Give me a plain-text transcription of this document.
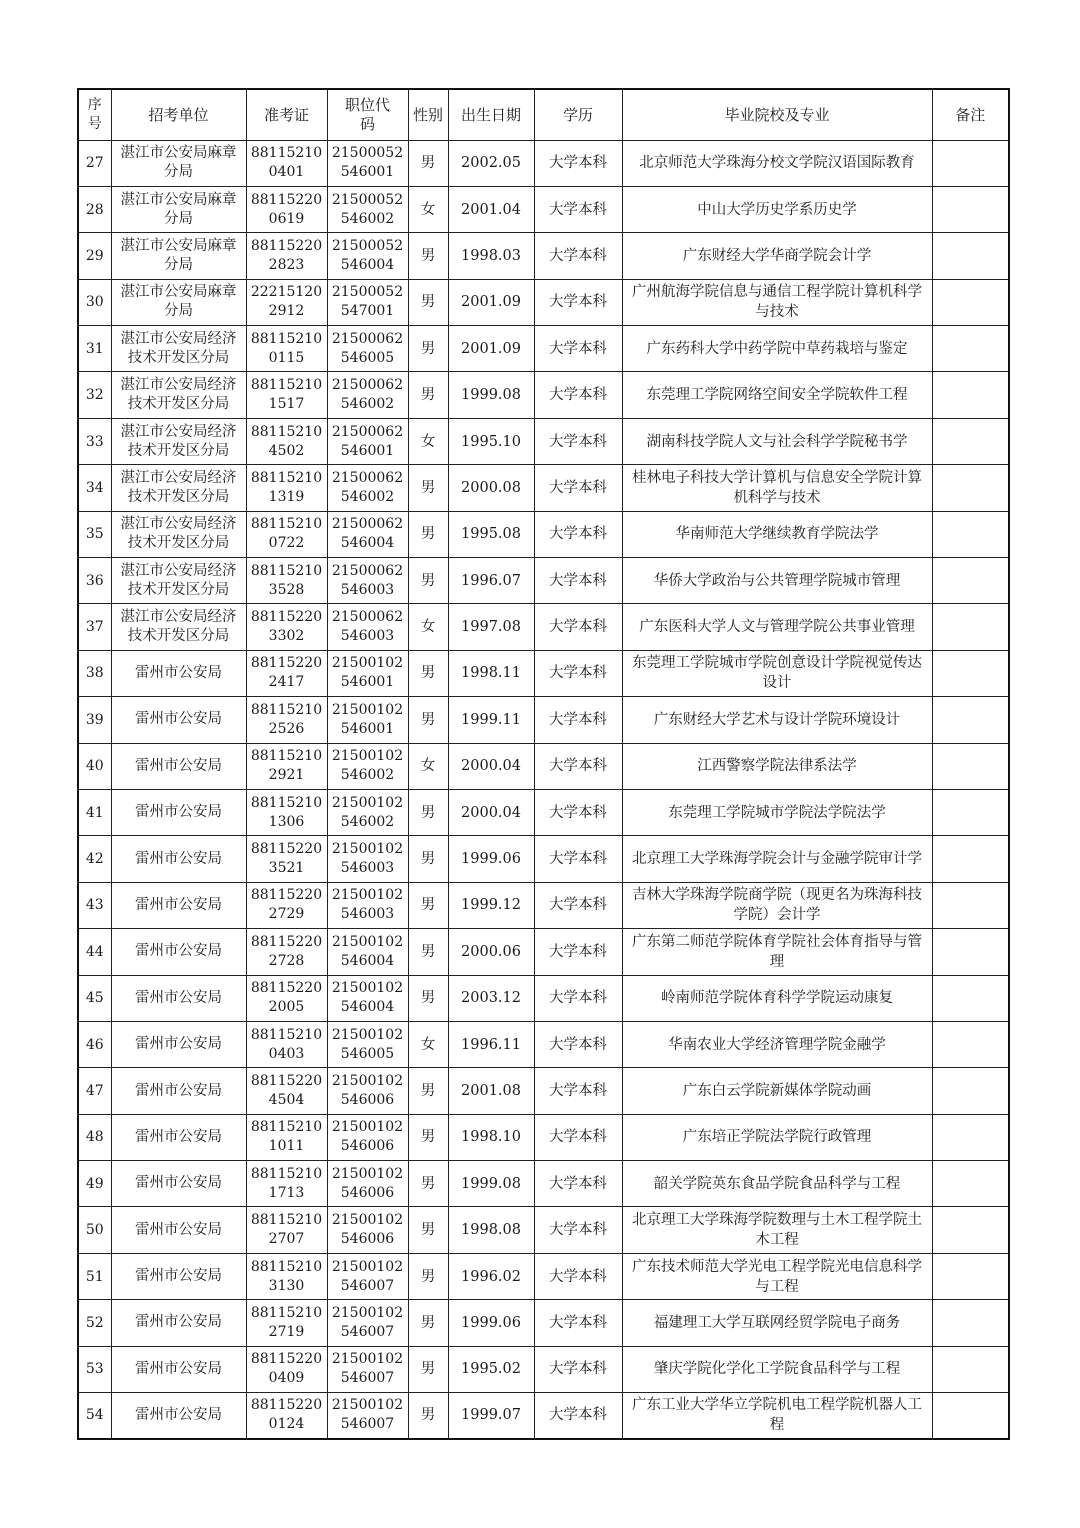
序号	招考单位	准考证	职位代码	性别	出生日期	学历	毕业院校及专业	备注
27	湛江市公安局麻章分局	881152100401	21500052546001	男	2002.05	大学本科	北京师范大学珠海分校文学院汉语国际教育	
28	湛江市公安局麻章分局	881152200619	21500052546002	女	2001.04	大学本科	中山大学历史学系历史学	
29	湛江市公安局麻章分局	881152202823	21500052546004	男	1998.03	大学本科	广东财经大学华商学院会计学	
30	湛江市公安局麻章分局	222151202912	21500052547001	男	2001.09	大学本科	广州航海学院信息与通信工程学院计算机科学与技术	
31	湛江市公安局经济技术开发区分局	881152100115	21500062546005	男	2001.09	大学本科	广东药科大学中药学院中草药栽培与鉴定	
32	湛江市公安局经济技术开发区分局	881152101517	21500062546002	男	1999.08	大学本科	东莞理工学院网络空间安全学院软件工程	
33	湛江市公安局经济技术开发区分局	881152104502	21500062546001	女	1995.10	大学本科	湖南科技学院人文与社会科学学院秘书学	
34	湛江市公安局经济技术开发区分局	881152101319	21500062546002	男	2000.08	大学本科	桂林电子科技大学计算机与信息安全学院计算机科学与技术	
35	湛江市公安局经济技术开发区分局	881152100722	21500062546004	男	1995.08	大学本科	华南师范大学继续教育学院法学	
36	湛江市公安局经济技术开发区分局	881152103528	21500062546003	男	1996.07	大学本科	华侨大学政治与公共管理学院城市管理	
37	湛江市公安局经济技术开发区分局	881152203302	21500062546003	女	1997.08	大学本科	广东医科大学人文与管理学院公共事业管理	
38	雷州市公安局	881152202417	21500102546001	男	1998.11	大学本科	东莞理工学院城市学院创意设计学院视觉传达设计	
39	雷州市公安局	881152102526	21500102546001	男	1999.11	大学本科	广东财经大学艺术与设计学院环境设计	
40	雷州市公安局	881152102921	21500102546002	女	2000.04	大学本科	江西警察学院法律系法学	
41	雷州市公安局	881152101306	21500102546002	男	2000.04	大学本科	东莞理工学院城市学院法学院法学	
42	雷州市公安局	881152203521	21500102546003	男	1999.06	大学本科	北京理工大学珠海学院会计与金融学院审计学	
43	雷州市公安局	881152202729	21500102546003	男	1999.12	大学本科	吉林大学珠海学院商学院（现更名为珠海科技学院）会计学	
44	雷州市公安局	881152202728	21500102546004	男	2000.06	大学本科	广东第二师范学院体育学院社会体育指导与管理	
45	雷州市公安局	881152202005	21500102546004	男	2003.12	大学本科	岭南师范学院体育科学学院运动康复	
46	雷州市公安局	881152100403	21500102546005	女	1996.11	大学本科	华南农业大学经济管理学院金融学	
47	雷州市公安局	881152204504	21500102546006	男	2001.08	大学本科	广东白云学院新媒体学院动画	
48	雷州市公安局	881152101011	21500102546006	男	1998.10	大学本科	广东培正学院法学院行政管理	
49	雷州市公安局	881152101713	21500102546006	男	1999.08	大学本科	韶关学院英东食品学院食品科学与工程	
50	雷州市公安局	881152102707	21500102546006	男	1998.08	大学本科	北京理工大学珠海学院数理与土木工程学院土木工程	
51	雷州市公安局	881152103130	21500102546007	男	1996.02	大学本科	广东技术师范大学光电工程学院光电信息科学与工程	
52	雷州市公安局	881152102719	21500102546007	男	1999.06	大学本科	福建理工大学互联网经贸学院电子商务	
53	雷州市公安局	881152200409	21500102546007	男	1995.02	大学本科	肇庆学院化学化工学院食品科学与工程	
54	雷州市公安局	881152200124	21500102546007	男	1999.07	大学本科	广东工业大学华立学院机电工程学院机器人工程	
